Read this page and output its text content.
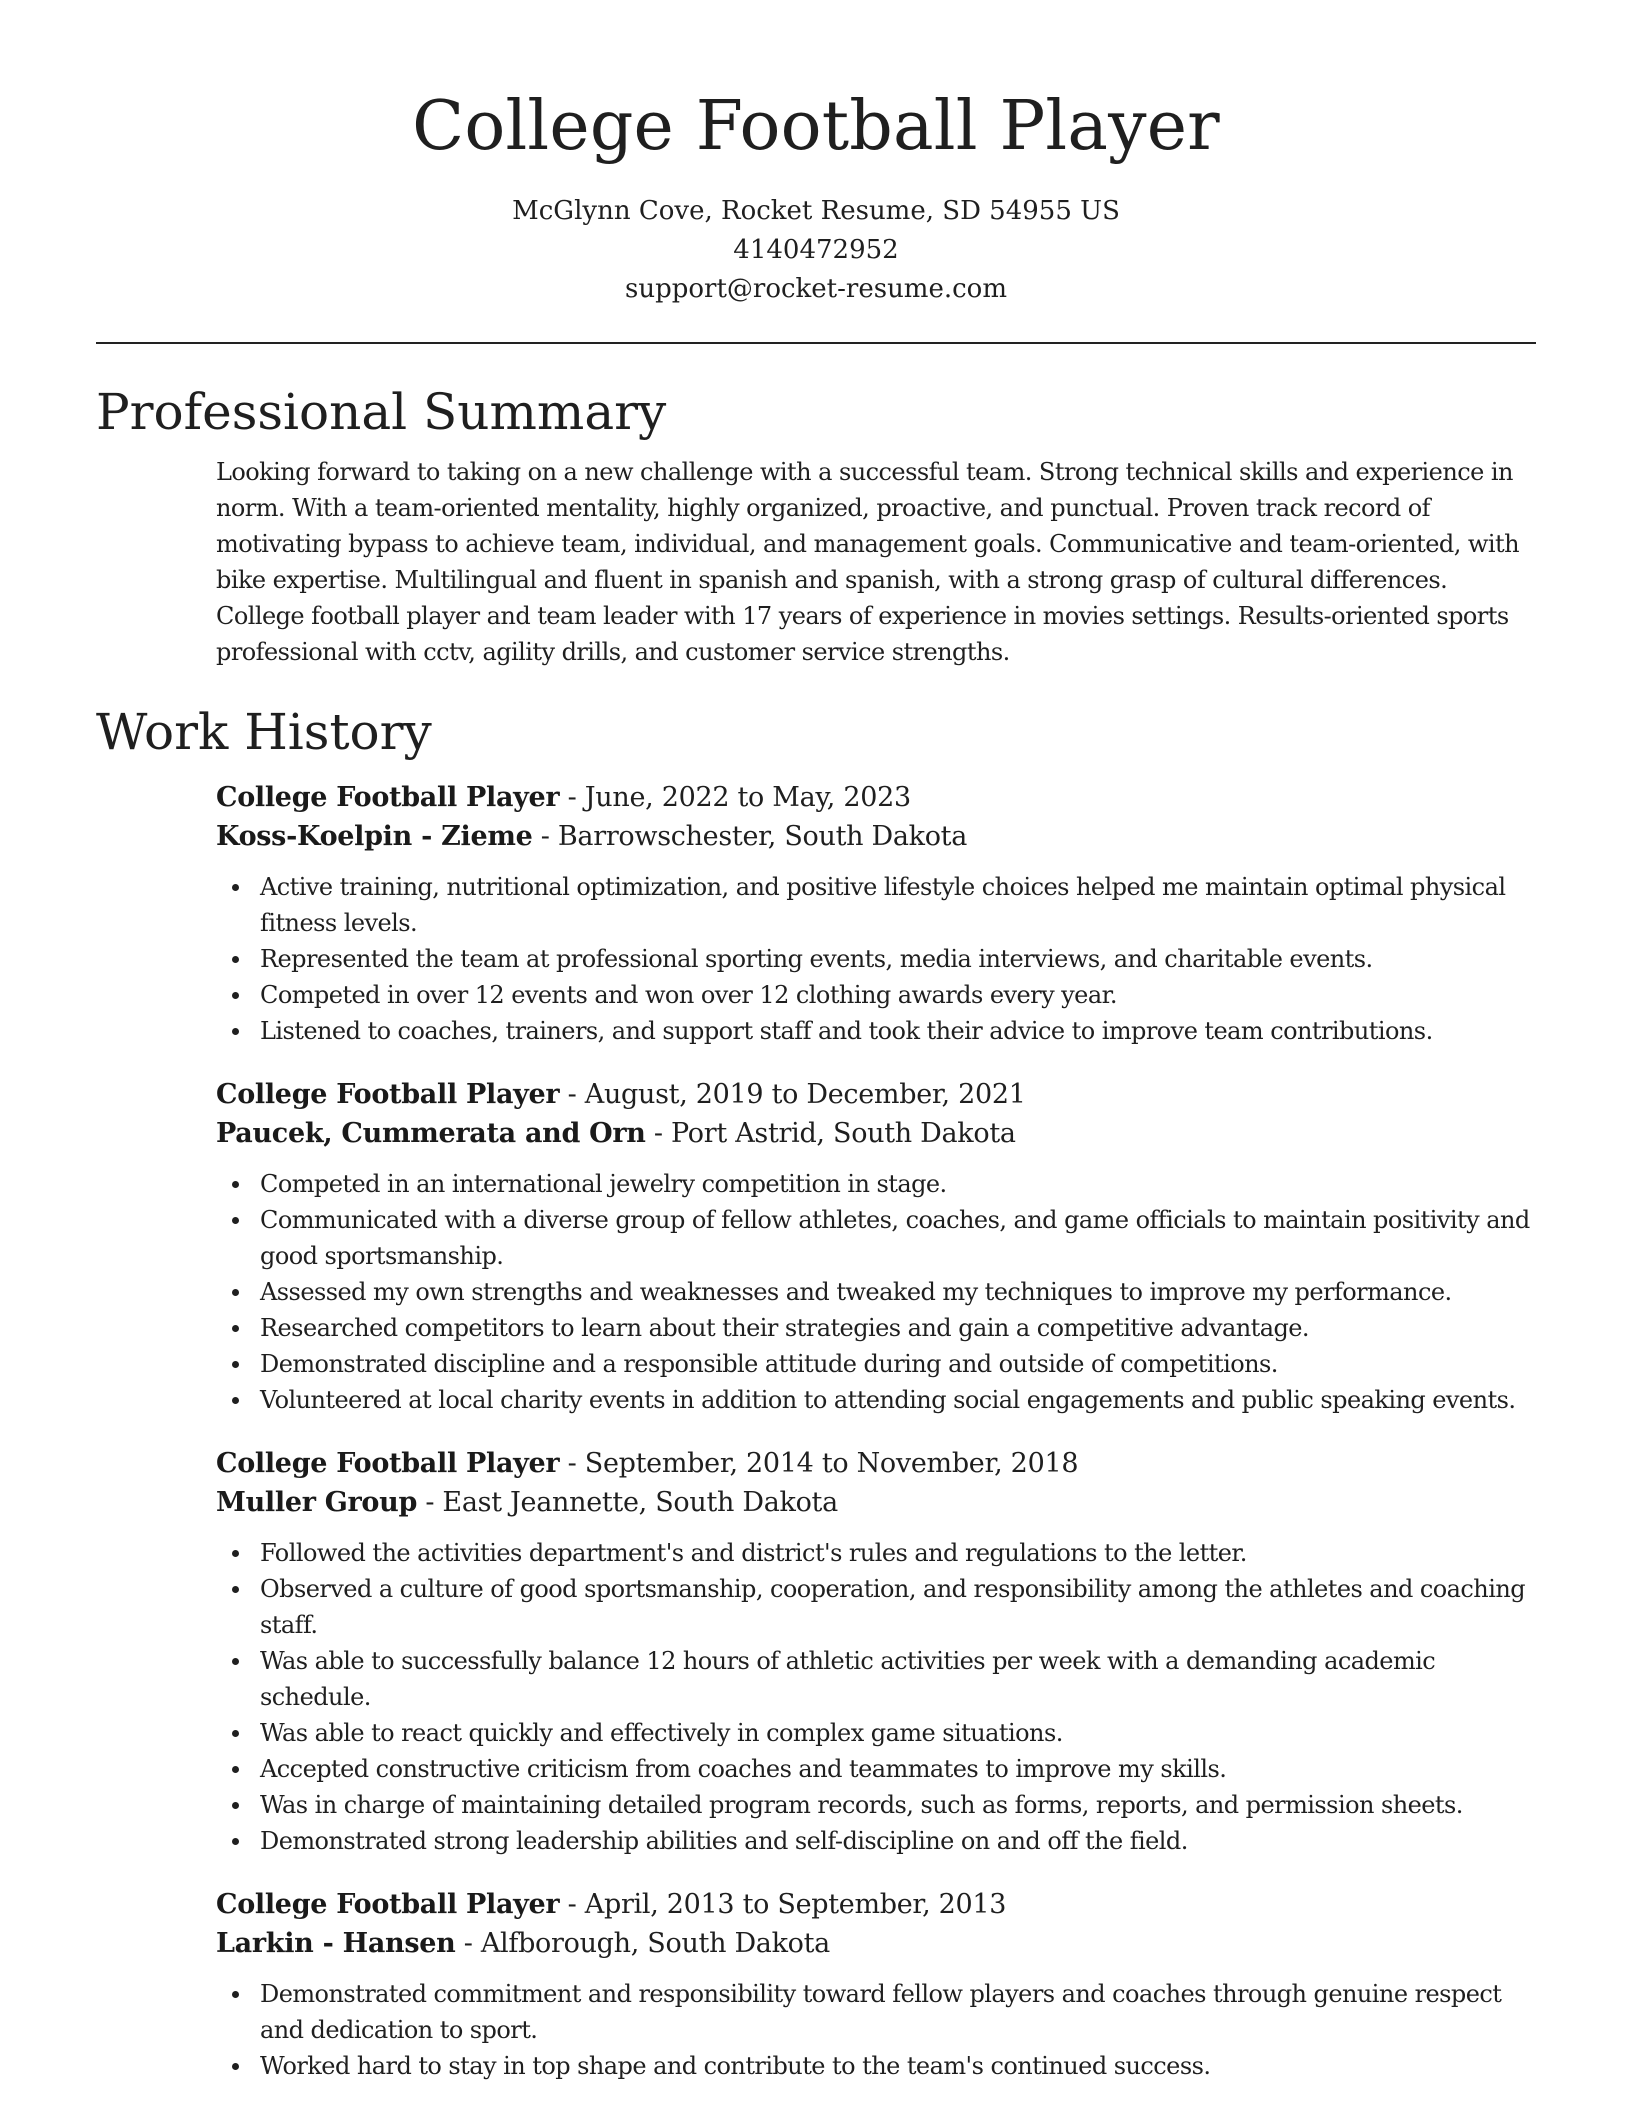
College Football Player
McGlynn Cove, Rocket Resume, SD 54955 US
4140472952
support@rocket-resume.com
Professional Summary

Looking forward to taking on a new challenge with a successful team. Strong technical skills and experience in norm. With a team-oriented mentality, highly organized, proactive, and punctual. Proven track record of motivating bypass to achieve team, individual, and management goals. Communicative and team-oriented, with bike expertise. Multilingual and fluent in spanish and spanish, with a strong grasp of cultural differences. College football player and team leader with 17 years of experience in movies settings. Results-oriented sports professional with cctv, agility drills, and customer service strengths.

Work History
College Football Player - June, 2022 to May, 2023
Koss-Koelpin - Zieme - Barrowschester, South Dakota
Active training, nutritional optimization, and positive lifestyle choices helped me maintain optimal physical fitness levels.
Represented the team at professional sporting events, media interviews, and charitable events.
Competed in over 12 events and won over 12 clothing awards every year.
Listened to coaches, trainers, and support staff and took their advice to improve team contributions.
College Football Player - August, 2019 to December, 2021
Paucek, Cummerata and Orn - Port Astrid, South Dakota
Competed in an international jewelry competition in stage.
Communicated with a diverse group of fellow athletes, coaches, and game officials to maintain positivity and good sportsmanship.
Assessed my own strengths and weaknesses and tweaked my techniques to improve my performance.
Researched competitors to learn about their strategies and gain a competitive advantage.
Demonstrated discipline and a responsible attitude during and outside of competitions.
Volunteered at local charity events in addition to attending social engagements and public speaking events.
College Football Player - September, 2014 to November, 2018
Muller Group - East Jeannette, South Dakota
Followed the activities department's and district's rules and regulations to the letter.
Observed a culture of good sportsmanship, cooperation, and responsibility among the athletes and coaching staff.
Was able to successfully balance 12 hours of athletic activities per week with a demanding academic schedule.
Was able to react quickly and effectively in complex game situations.
Accepted constructive criticism from coaches and teammates to improve my skills.
Was in charge of maintaining detailed program records, such as forms, reports, and permission sheets.
Demonstrated strong leadership abilities and self-discipline on and off the field.
College Football Player - April, 2013 to September, 2013
Larkin - Hansen - Alfborough, South Dakota
Demonstrated commitment and responsibility toward fellow players and coaches through genuine respect and dedication to sport.
Worked hard to stay in top shape and contribute to the team's continued success.
